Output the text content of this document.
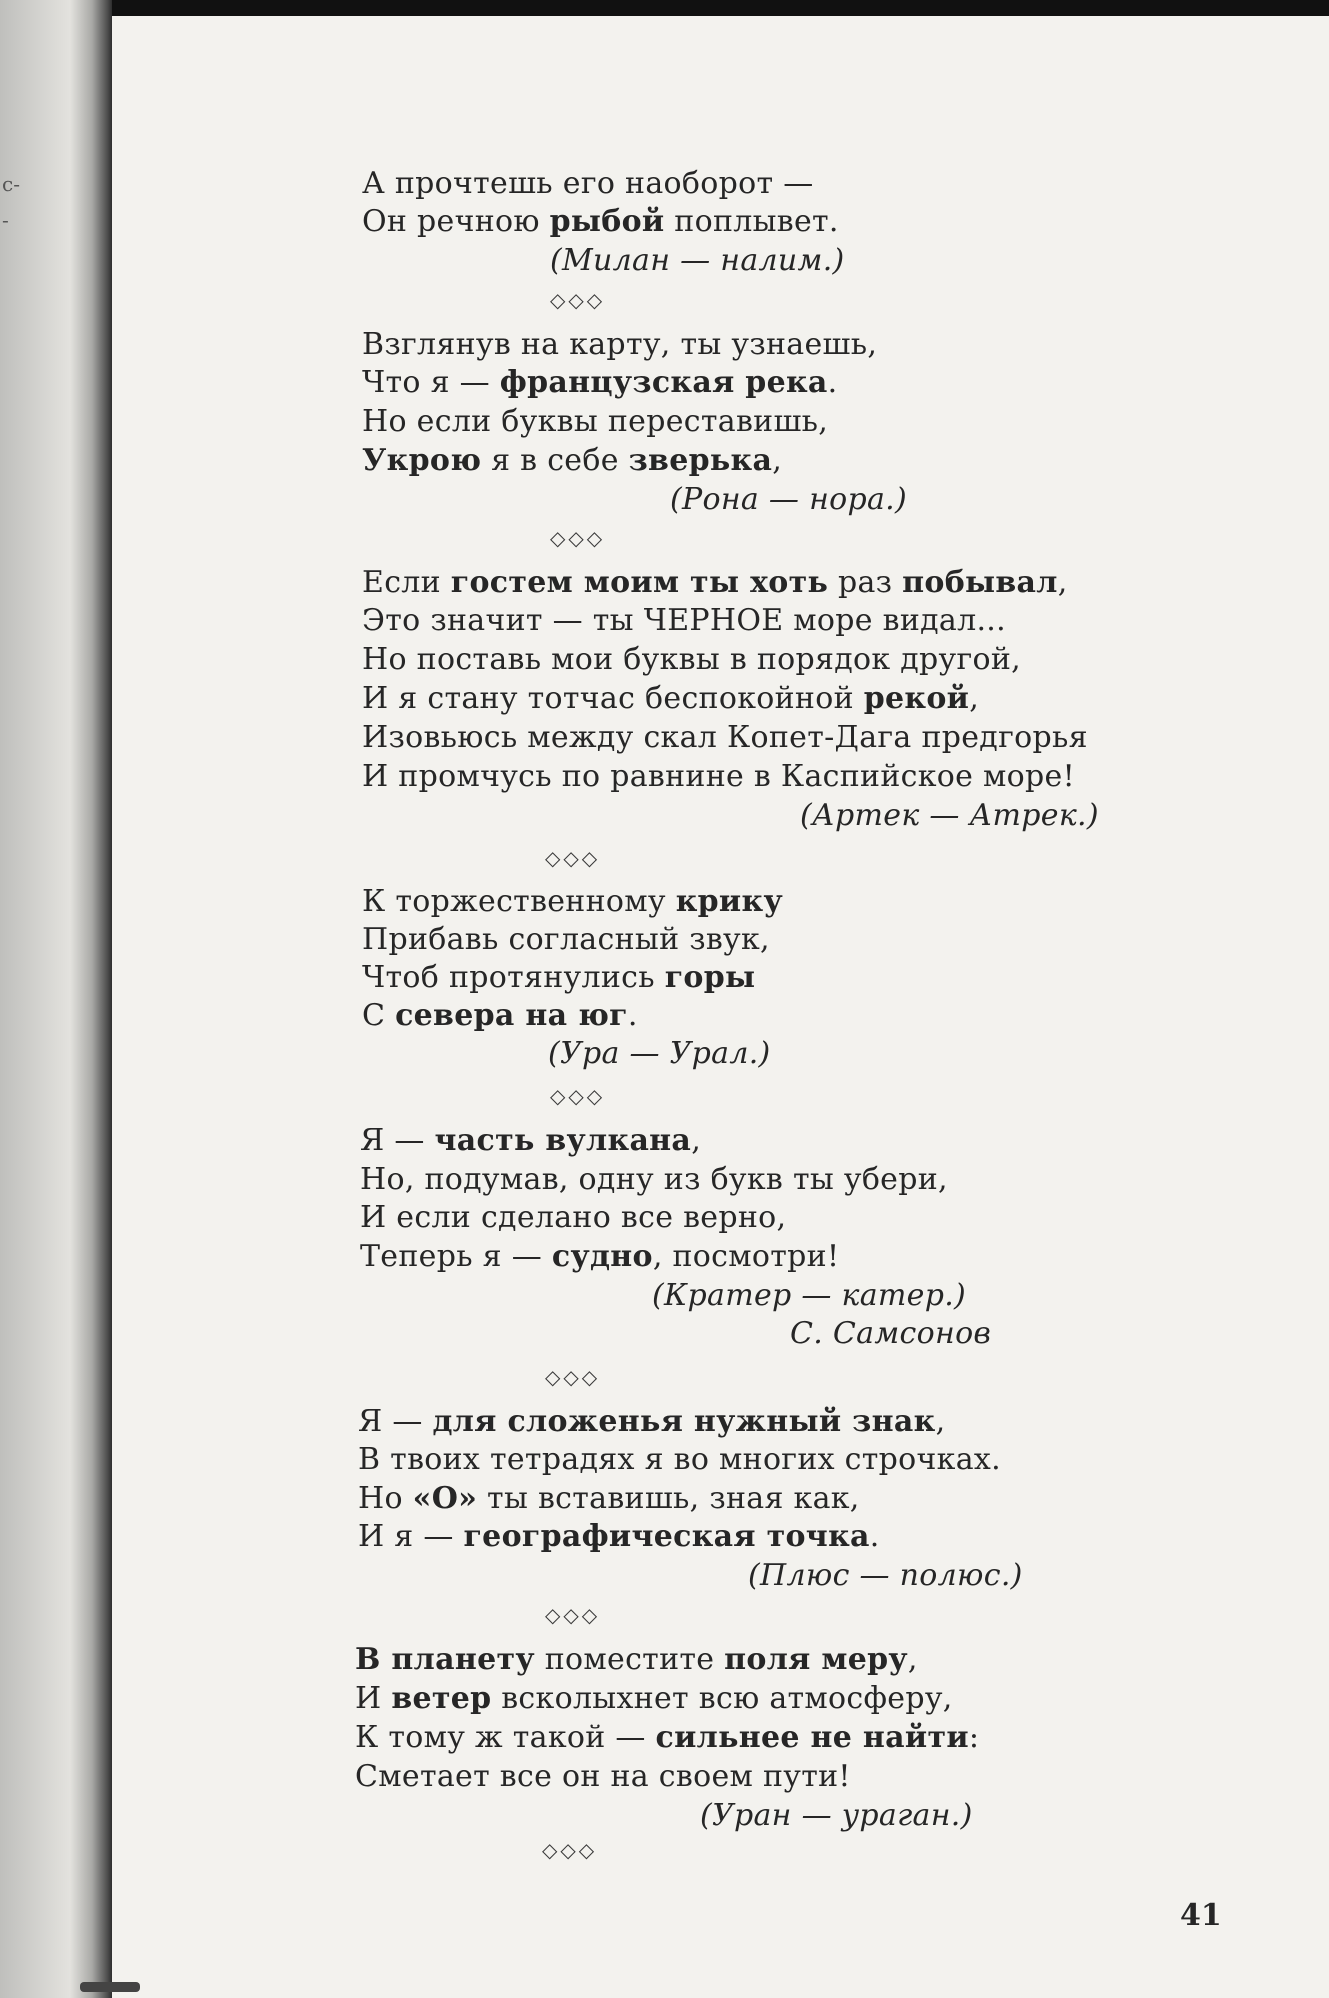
с-
-
А прочтешь его наоборот —
Он речною рыбой поплывет.
(Милан — налим.)
◇◇◇
Взглянув на карту, ты узнаешь,
Что я — французская река.
Но если буквы переставишь,
Укрою я в себе зверька,
(Рона — нора.)
◇◇◇
Если гостем моим ты хоть раз побывал,
Это значит — ты ЧЕРНОЕ море видал...
Но поставь мои буквы в порядок другой,
И я стану тотчас беспокойной рекой,
Изовьюсь между скал Копет-Дага предгорья
И промчусь по равнине в Каспийское море!
(Артек — Атрек.)
◇◇◇
К торжественному крику
Прибавь согласный звук,
Чтоб протянулись горы
С севера на юг.
(Ура — Урал.)
◇◇◇
Я — часть вулкана,
Но, подумав, одну из букв ты убери,
И если сделано все верно,
Теперь я — судно, посмотри!
(Кратер — катер.)
С. Самсонов
◇◇◇
Я — для сложенья нужный знак,
В твоих тетрадях я во многих строчках.
Но «О» ты вставишь, зная как,
И я — географическая точка.
(Плюс — полюс.)
◇◇◇
В планету поместите поля меру,
И ветер всколыхнет всю атмосферу,
К тому ж такой — сильнее не найти:
Сметает все он на своем пути!
(Уран — ураган.)
◇◇◇
41
